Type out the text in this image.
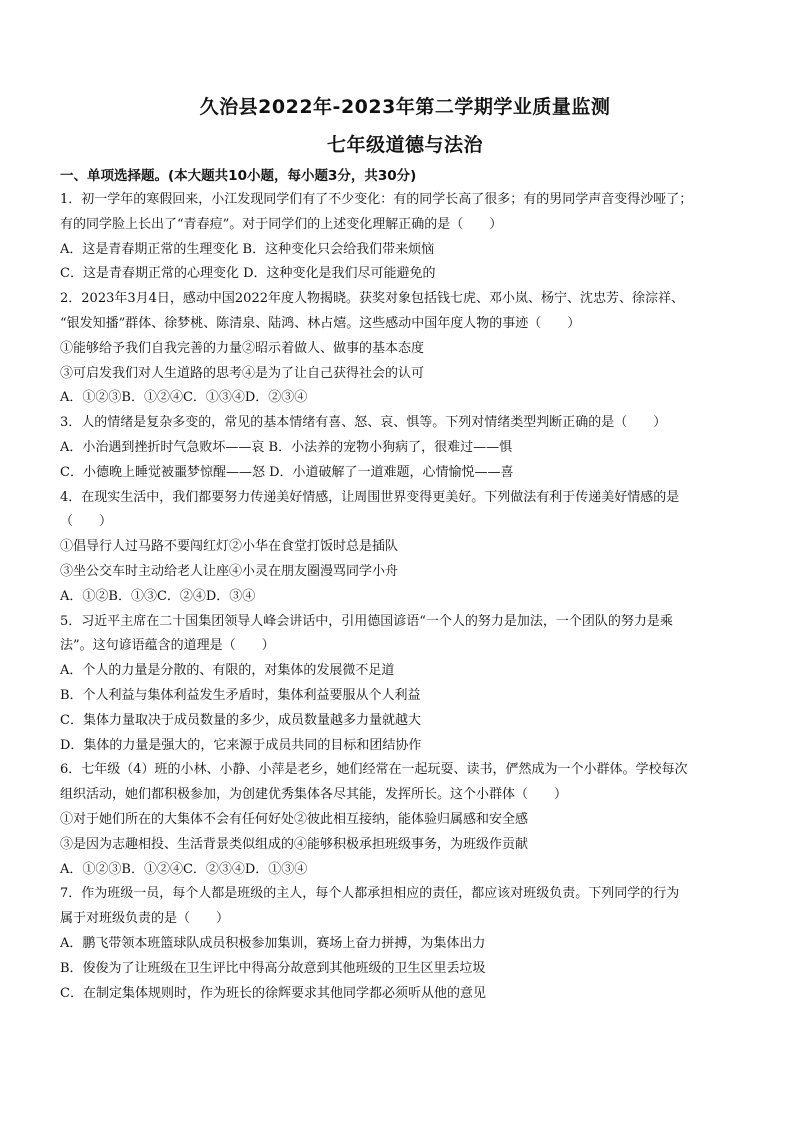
久治县2022年-2023年第二学期学业质量监测
七年级道德与法治
一、单项选择题。(本大题共10小题，每小题3分，共30分)
1．初一学年的寒假回来，小江发现同学们有了不少变化：有的同学长高了很多；有的男同学声音变得沙哑了；
有的同学脸上长出了“青春痘”。对于同学们的上述变化理解正确的是（　　）
A．这是青春期正常的生理变化 B．这种变化只会给我们带来烦恼
C．这是青春期正常的心理变化 D．这种变化是我们尽可能避免的
2．2023年3月4日，感动中国2022年度人物揭晓。获奖对象包括钱七虎、邓小岚、杨宁、沈忠芳、徐淙祥、
“银发知播”群体、徐梦桃、陈清泉、陆鸿、林占熺。这些感动中国年度人物的事迹（　　）
①能够给予我们自我完善的力量②昭示着做人、做事的基本态度
③可启发我们对人生道路的思考④是为了让自己获得社会的认可
A．①②③B．①②④C．①③④D．②③④
3．人的情绪是复杂多变的，常见的基本情绪有喜、怒、哀、惧等。下列对情绪类型判断正确的是（　　）
A．小治遇到挫折时气急败坏——哀 B．小法养的宠物小狗病了，很难过——惧
C．小德晚上睡觉被噩梦惊醒——怒 D．小道破解了一道难题，心情愉悦——喜
4．在现实生活中，我们都要努力传递美好情感，让周围世界变得更美好。下列做法有利于传递美好情感的是
（　　）
①倡导行人过马路不要闯红灯②小华在食堂打饭时总是插队
③坐公交车时主动给老人让座④小灵在朋友圈漫骂同学小舟
A．①②B．①③C．②④D．③④
5．习近平主席在二十国集团领导人峰会讲话中，引用德国谚语“一个人的努力是加法，一个团队的努力是乘
法”。这句谚语蕴含的道理是（　　）
A．个人的力量是分散的、有限的，对集体的发展微不足道
B．个人利益与集体利益发生矛盾时，集体利益要服从个人利益
C．集体力量取决于成员数量的多少，成员数量越多力量就越大
D．集体的力量是强大的，它来源于成员共同的目标和团结协作
6．七年级（4）班的小林、小静、小萍是老乡，她们经常在一起玩耍、读书，俨然成为一个小群体。学校每次
组织活动，她们都积极参加，为创建优秀集体各尽其能，发挥所长。这个小群体（　　）
①对于她们所在的大集体不会有任何好处②彼此相互接纳，能体验归属感和安全感
③是因为志趣相投、生活背景类似组成的④能够积极承担班级事务，为班级作贡献
A．①②③B．①②④C．②③④D．①③④
7．作为班级一员，每个人都是班级的主人，每个人都承担相应的责任，都应该对班级负责。下列同学的行为
属于对班级负责的是（　　）
A．鹏飞带领本班篮球队成员积极参加集训，赛场上奋力拼搏，为集体出力
B．俊俊为了让班级在卫生评比中得高分故意到其他班级的卫生区里丢垃圾
C．在制定集体规则时，作为班长的徐辉要求其他同学都必须听从他的意见
